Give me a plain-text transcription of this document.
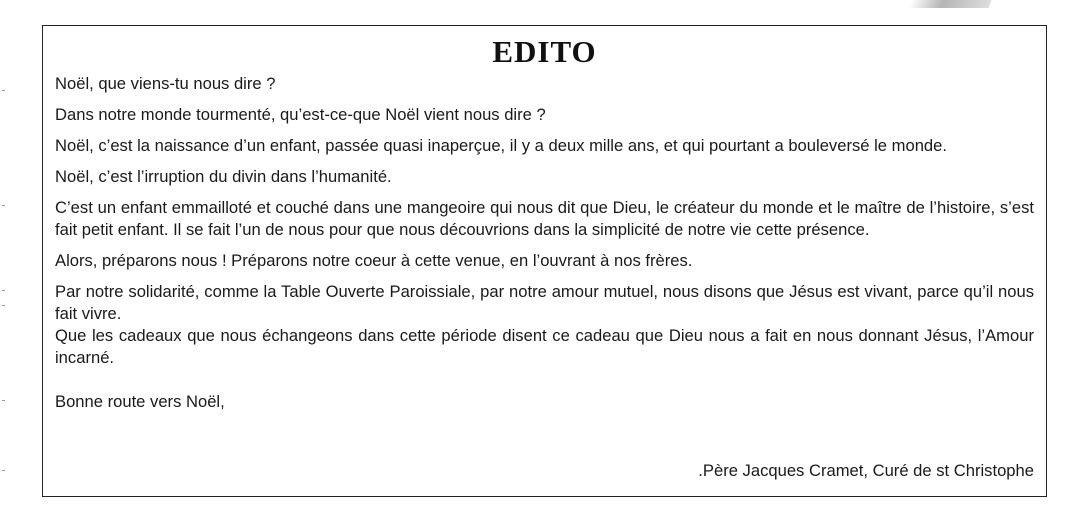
EDITO

Noël, que viens-tu nous dire ?

Dans notre monde tourmenté, qu’est-ce-que Noël vient nous dire ?

Noël, c’est la naissance d’un enfant, passée quasi inaperçue, il y a deux mille ans, et qui pourtant a bouleversé le monde.

Noël, c’est l’irruption du divin dans l’humanité.

C’est un enfant emmailloté et couché dans une mangeoire qui nous dit que Dieu, le créateur du monde et le maître de l’histoire, s’est fait petit enfant. Il se fait l’un de nous pour que nous découvrions dans la simplicité de notre vie cette présence.

Alors, préparons nous ! Préparons notre coeur à cette venue, en l’ouvrant à nos frères.

Par notre solidarité, comme la Table Ouverte Paroissiale, par notre amour mutuel, nous disons que Jésus est vivant, parce qu’il nous fait vivre.

Que les cadeaux que nous échangeons dans cette période disent ce cadeau que Dieu nous a fait en nous donnant Jésus, l’Amour incarné.

Bonne route vers Noël,

.Père Jacques Cramet, Curé de st Christophe
